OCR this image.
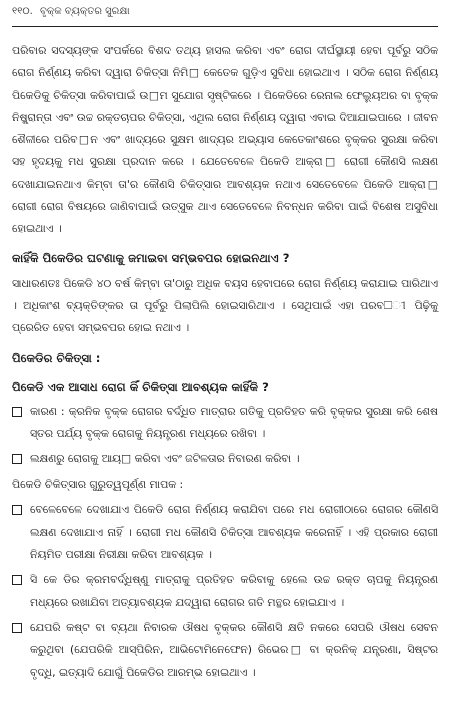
୧୧୦. ବୃକ୍କ ବ୍ୟକ୍ତର ସୁରକ୍ଷା

ପରିବାର ସଦସ୍ୟଙ୍କ ସଂପର୍କରେ ବିଶଦ ତଥ୍ୟ ହାସଲ କରିବା ଏବଂ ରୋଗ ଦୀର୍ଘସ୍ଥାୟୀ ହେବା ପୂର୍ବରୁ ସଠିକ ରୋଗ ନିର୍ଣ୍ଣୟ କରିବା ଦ୍ୱାରା ଚିକିତ୍ସା ନିମି□ କେତେକ ଗୁଡ଼ିଏ ସୁବିଧା ହୋଇଥାଏ । ସଠିକ ରୋଗ ନିର୍ଣ୍ଣୟ ପିକେଡିକୁ ଚିକିତ୍ସା କରିବାପାଇଁ ଉ□ମ ସୁଯୋଗ ସୃଷ୍ଟିକରେ । ପିକେଡିରେ ରେନାଲ ଫେଲ୍ୟୁଅର ବା ବୃକ୍କ ନିଷ୍କ୍ରାନ୍ତା ଏବଂ ଉଚ୍ଚ ରକ୍ତଚାପର ଚିକିତ୍ସା, ଏଥିଲ ରୋଗ ନିର୍ଣ୍ଣୟ ଦ୍ୱାରା ଏବାଇ ଦିଆଯାଇପାରେ । ଜୀବନ ଶୈଳୀରେ ପରିବ□ନ ଏବଂ ଖାଦ୍ୟରେ ସୁକ୍ଷମ ଖାଦ୍ୟର ଅଭ୍ୟାସ କେତେକାଂଶରେ ବୃକ୍କର ସୁରକ୍ଷା କରିବା ସହ ହୃଦୟକୁ ମଧ ସୁରକ୍ଷା ପ୍ରଦାନ କରେ । ଯେତେବେଳେ ପିକେଡି ଆକ୍ରା□ ରୋଗୀ କୌଣସି ଲକ୍ଷଣ ଦେଖାଯାଇନଥାଏ କିମ୍ବା ତା'ର କୌଣସି ଚିକିତ୍ସାର ଆବଶ୍ୟକ ନଥାଏ ସେତେବେଳେ ପିକେଡି ଆକ୍ରା□ ରୋଗୀ ରୋଗ ବିଷୟରେ ଜାଣିବାପାଇଁ ଉତ୍ସୁକ ଥାଏ ସେତେବେଳେ ନିବନ୍ଧନ କରିବା ପାଇଁ ବିଶେଷ ଅସୁବିଧା ହୋଇଥାଏ ।

କାହିଁକି ପିକେଡିର ଘଟଣାକୁ ଜମାଇବା ସମ୍ଭବପର ହୋଇନଥାଏ ?

ସାଧାରଣତଃ ପିକେଡି ୪୦ ବର୍ଷ କିମ୍ବା ତା'ଠାରୁ ଅଧିକ ବୟସ ହେବାପରେ ରୋଗ ନିର୍ଣ୍ଣୟ କରାଯାଇ ପାରିଥାଏ । ଅଧିକାଂଶ ବ୍ୟକ୍ତିଙ୍କର ତା ପୂର୍ବରୁ ପିଲାପିଲି ହୋଇସାରିଥାଏ । ସେଥିପାଇଁ ଏହା ପରବ□ୀ ପିଢ଼ିକୁ ପ୍ରେରିତ ହେବା ସମ୍ଭବପର ହୋଇ ନଥାଏ ।

ପିକେଡିର ଚିକିତ୍ସା :
ପିକେଡି ଏକ ଆସାଧ ରୋଗ କିଁ ଚିକିତ୍ସା ଆବଶ୍ୟକ କାହିଁକି ?
କାରଣ : କ୍ରନିକ ବୃକ୍କ ରୋଗର ବର୍ଦ୍ଧିତ ମାତ୍ରାର ଗତିକୁ ପ୍ରତିହତ କରି ବୃକ୍କର ସୁରକ୍ଷା କରି ଶେଷ ସ୍ତର ପର୍ଯ୍ୟ ବୃକ୍କ ରୋଗକୁ ନିୟନ୍ତ୍ରଣ ମଧ୍ୟରେ ରଖିବା ।
ଲକ୍ଷଣରୁ ରୋଗକୁ ଆୟ□ କରିବା ଏବଂ ଜଟିଳତାର ନିବାରଣ କରିବା ।

ପିକେଡି ଚିକିତ୍ସାର ଗୁରୁତ୍ୱପୂର୍ଣ୍ଣ ମାପକ :

ବେଳେବେଳେ ଦେଖାଯାଏ ପିକେଡି ରୋଗ ନିର୍ଣ୍ଣୟ କରାଯିବା ପରେ ମଧ ରୋଗୀଠାରେ ରୋଗର କୌଣସି ଲକ୍ଷଣ ଦେଖାଯାଏ ନାହିଁ । ରୋଗୀ ମଧ କୌଣସି ଚିକିତ୍ସା ଆବଶ୍ୟକ କରେନାହିଁ । ଏହି ପ୍ରକାର ରୋଗୀ ନିୟମିତ ପରୀକ୍ଷା ନିରୀକ୍ଷା କରିବା ଆବଶ୍ୟକ ।
ସି କେ ଡିର କ୍ରମବର୍ଦ୍ଧିଷ୍ଣୁ ମାତ୍ରାକୁ ପ୍ରତିହତ କରିବାକୁ ହେଲେ ଉଚ୍ଚ ରକ୍ତ ଚାପକୁ ନିୟନ୍ତ୍ରଣ ମଧ୍ୟରେ ରଖାଯିବା ଅତ୍ୟାବଶ୍ୟକ ଯଦ୍ୱାରା ରୋଗର ଗତି ମନ୍ଥର ହୋଇଯାଏ ।
ଯେପରି କଷ୍ଟ ବା ବ୍ୟଥା ନିବାରକ ଔଷଧ ବୃକ୍କର କୌଣସି କ୍ଷତି ନକରେ ସେପରି ଔଷଧ ସେବନ କରୁଥିବା (ଯେପରିକି ଆସ୍ପିରିନ, ଆଭିଟୋମିନେଫେନ) ରିଭେର□ ବା କ୍ରନିକ୍ ଯନ୍ତ୍ରଣା, ସିଷ୍ଟର ବୃଦ୍ଧି, ଇତ୍ୟାଦି ଯୋଗୁଁ ପିକେଡିର ଆରମ୍ଭ ହୋଇଥାଏ ।
